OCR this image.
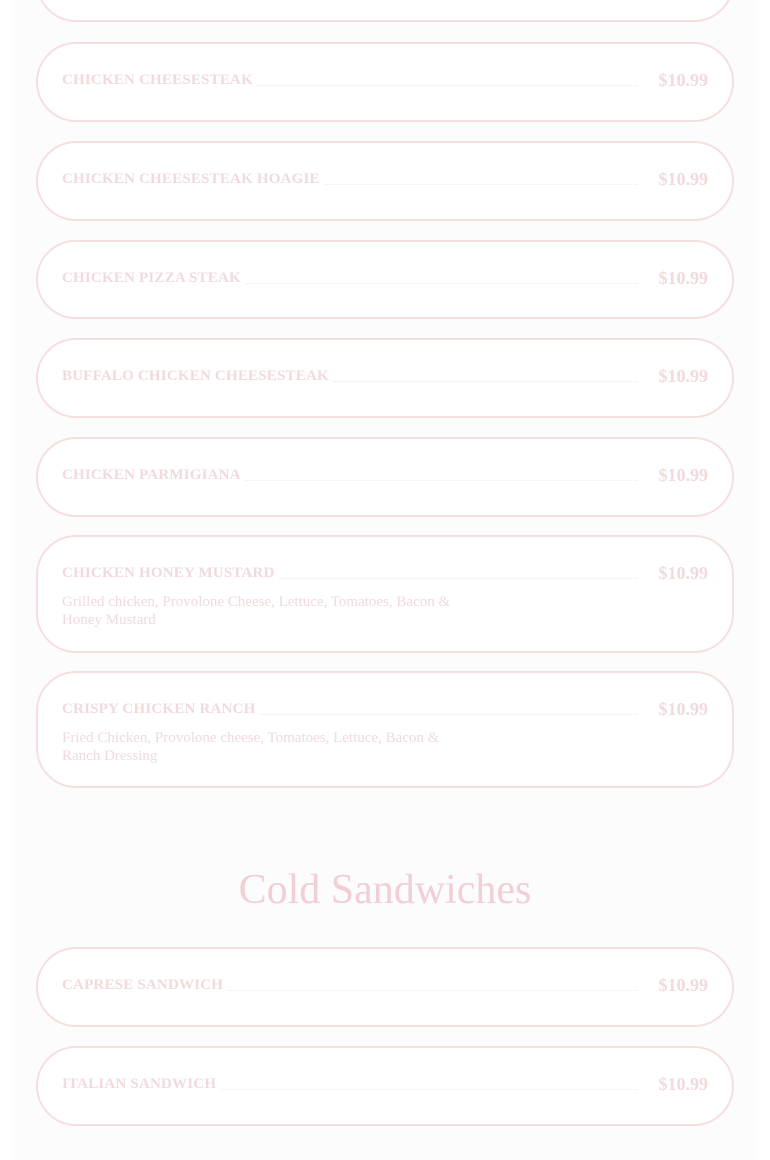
CHICKEN CHEESESTEAK	$10.99
CHICKEN CHEESESTEAK HOAGIE	$10.99
CHICKEN PIZZA STEAK	$10.99
BUFFALO CHICKEN CHEESESTEAK	$10.99
CHICKEN PARMIGIANA	$10.99
CHICKEN HONEY MUSTARD	$10.99
Grilled chicken, Provolone Cheese, Lettuce, Tomatoes, Bacon & Honey Mustard
CRISPY CHICKEN RANCH	$10.99
Fried Chicken, Provolone cheese, Tomatoes, Lettuce, Bacon & Ranch Dressing
Cold Sandwiches
CAPRESE SANDWICH	$10.99
ITALIAN SANDWICH	$10.99
